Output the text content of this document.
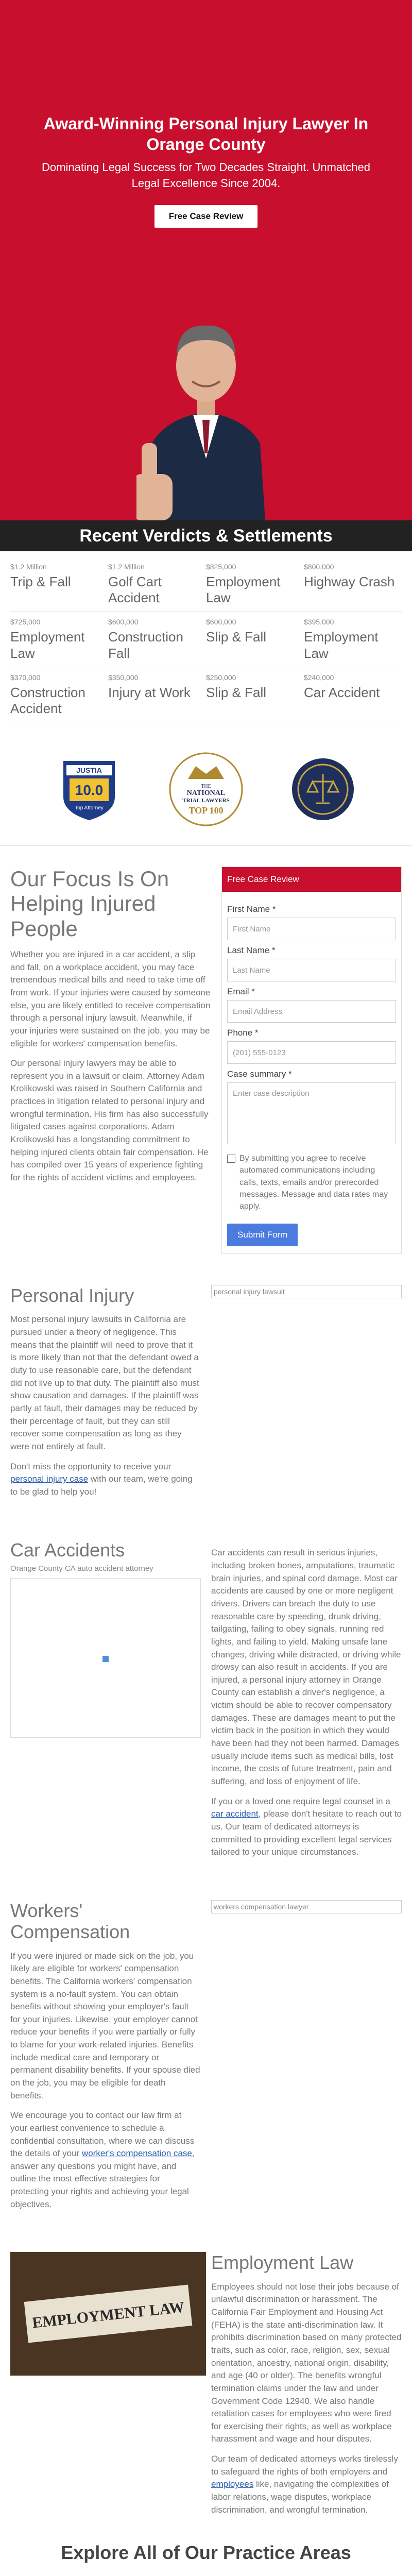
Award-Winning Personal Injury Lawyer In Orange County

Dominating Legal Success for Two Decades Straight. Unmatched Legal Excellence Since 2004.

Free Case Review
Recent Verdicts & Settlements
$1.2 Million
Trip & Fall
$1.2 Million
Golf Cart Accident
$825,000
Employment Law
$800,000
Highway Crash
$725,000
Employment Law
$600,000
Construction Fall
$600,000
Slip & Fall
$395,000
Employment Law
$370,000
Construction Accident
$350,000
Injury at Work
$250,000
Slip & Fall
$240,000
Car Accident
JUSTIA
10.0
Top Attorney
THE
NATIONAL
TRIAL LAWYERS
TOP 100
Our Focus Is On Helping Injured People

Whether you are injured in a car accident, a slip and fall, on a workplace accident, you may face tremendous medical bills and need to take time off from work. If your injuries were caused by someone else, you are likely entitled to receive compensation through a personal injury lawsuit. Meanwhile, if your injuries were sustained on the job, you may be eligible for workers' compensation benefits.

Our personal injury lawyers may be able to represent you in a lawsuit or claim. Attorney Adam Krolikowski was raised in Southern California and practices in litigation related to personal injury and wrongful termination. His firm has also successfully litigated cases against corporations. Adam Krolikowski has a longstanding commitment to helping injured clients obtain fair compensation. He has compiled over 15 years of experience fighting for the rights of accident victims and employees.

Free Case Review
First Name *
First Name
Last Name *
Last Name
Email *
Email Address
Phone *
(201) 555-0123
Case summary *
Enter case description
By submitting you agree to receive automated communications including calls, texts, emails and/or prerecorded messages. Message and data rates may apply.
Submit Form
Personal Injury

Most personal injury lawsuits in California are pursued under a theory of negligence. This means that the plaintiff will need to prove that it is more likely than not that the defendant owed a duty to use reasonable care, but the defendant did not live up to that duty. The plaintiff also must show causation and damages. If the plaintiff was partly at fault, their damages may be reduced by their percentage of fault, but they can still recover some compensation as long as they were not entirely at fault.

Don't miss the opportunity to receive your personal injury case with our team, we're going to be glad to help you!

personal injury lawsuit
Car Accidents
Orange County CA auto accident attorney

Car accidents can result in serious injuries, including broken bones, amputations, traumatic brain injuries, and spinal cord damage. Most car accidents are caused by one or more negligent drivers. Drivers can breach the duty to use reasonable care by speeding, drunk driving, tailgating, failing to obey signals, running red lights, and failing to yield. Making unsafe lane changes, driving while distracted, or driving while drowsy can also result in accidents. If you are injured, a personal injury attorney in Orange County can establish a driver's negligence, a victim should be able to recover compensatory damages. These are damages meant to put the victim back in the position in which they would have been had they not been harmed. Damages usually include items such as medical bills, lost income, the costs of future treatment, pain and suffering, and loss of enjoyment of life.

If you or a loved one require legal counsel in a car accident, please don't hesitate to reach out to us. Our team of dedicated attorneys is committed to providing excellent legal services tailored to your unique circumstances.

Workers' Compensation

If you were injured or made sick on the job, you likely are eligible for workers' compensation benefits. The California workers' compensation system is a no-fault system. You can obtain benefits without showing your employer's fault for your injuries. Likewise, your employer cannot reduce your benefits if you were partially or fully to blame for your work-related injuries. Benefits include medical care and temporary or permanent disability benefits. If your spouse died on the job, you may be eligible for death benefits.

We encourage you to contact our law firm at your earliest convenience to schedule a confidential consultation, where we can discuss the details of your worker's compensation case, answer any questions you might have, and outline the most effective strategies for protecting your rights and achieving your legal objectives.

workers compensation lawyer
EMPLOYMENT LAW
Employment Law

Employees should not lose their jobs because of unlawful discrimination or harassment. The California Fair Employment and Housing Act (FEHA) is the state anti-discrimination law. It prohibits discrimination based on many protected traits, such as color, race, religion, sex, sexual orientation, ancestry, national origin, disability, and age (40 or older). The benefits wrongful termination claims under the law and under Government Code 12940. We also handle retaliation cases for employees who were fired for exercising their rights, as well as workplace harassment and wage and hour disputes.

Our team of dedicated attorneys works tirelessly to safeguard the rights of both employers and employees like, navigating the complexities of labor relations, wage disputes, workplace discrimination, and wrongful termination.

Explore All of Our Practice Areas
